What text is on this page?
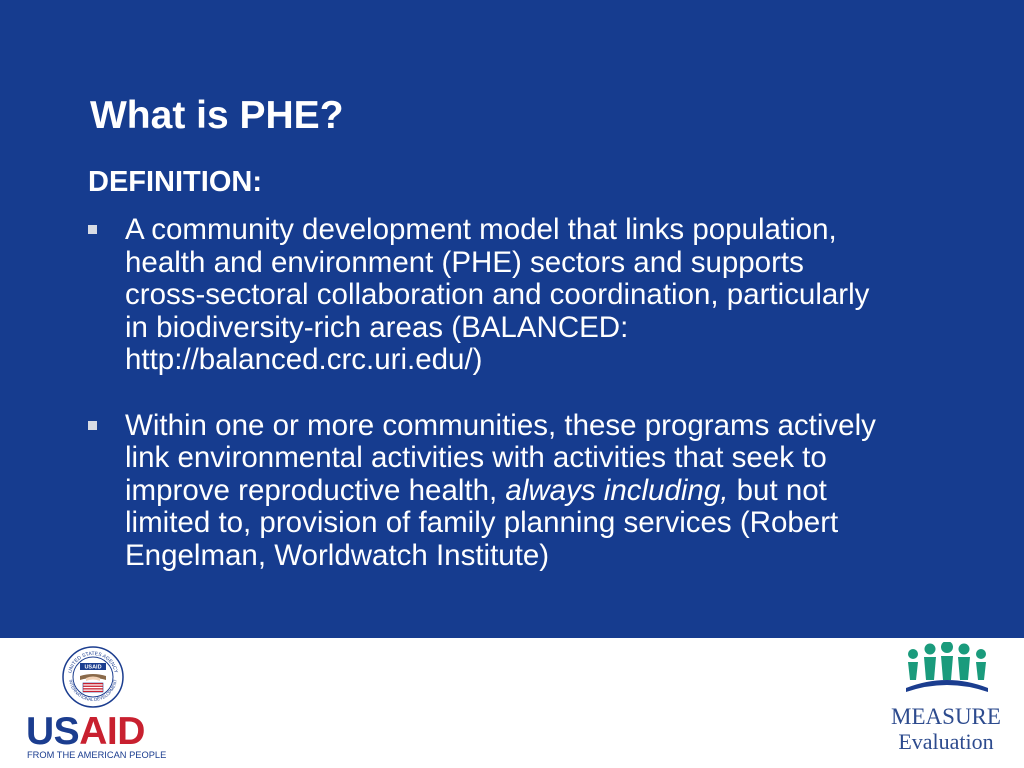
What is PHE?
DEFINITION:
A community development model that links population,
health and environment (PHE) sectors and supports
cross-sectoral collaboration and coordination, particularly
in biodiversity-rich areas (BALANCED:
http://balanced.crc.uri.edu/)
Within one or more communities, these programs actively
link environmental activities with activities that seek to
improve reproductive health, always including, but not
limited to, provision of family planning services (Robert
Engelman, Worldwatch Institute)
UNITED STATES AGENCY
INTERNATIONAL DEVELOPMENT
USAID
USAID
FROM THE AMERICAN PEOPLE
MEASURE
Evaluation
